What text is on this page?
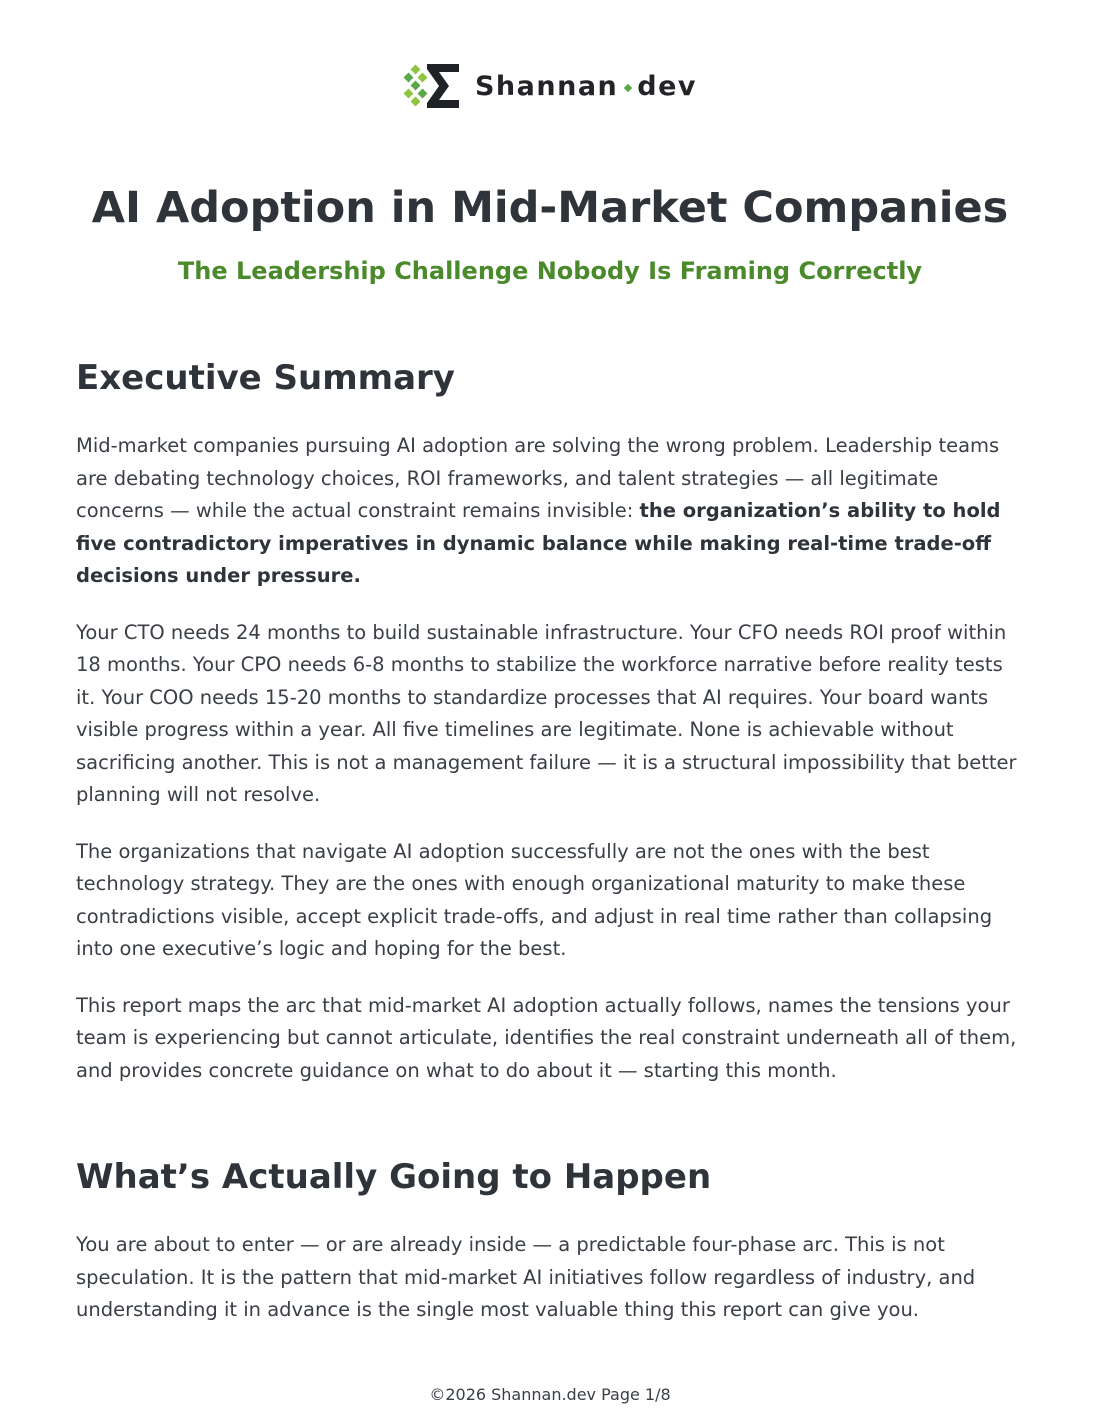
Shannan dev
AI Adoption in Mid-Market Companies
The Leadership Challenge Nobody Is Framing Correctly
Executive Summary

Mid-market companies pursuing AI adoption are solving the wrong problem. Leadership teams are debating technology choices, ROI frameworks, and talent strategies — all legitimate concerns — while the actual constraint remains invisible: the organization’s ability to hold five contradictory imperatives in dynamic balance while making real-time trade-off decisions under pressure.

Your CTO needs 24 months to build sustainable infrastructure. Your CFO needs ROI proof within 18 months. Your CPO needs 6-8 months to stabilize the workforce narrative before reality tests it. Your COO needs 15-20 months to standardize processes that AI requires. Your board wants visible progress within a year. All five timelines are legitimate. None is achievable without sacrificing another. This is not a management failure — it is a structural impossibility that better planning will not resolve.

The organizations that navigate AI adoption successfully are not the ones with the best technology strategy. They are the ones with enough organizational maturity to make these contradictions visible, accept explicit trade-offs, and adjust in real time rather than collapsing into one executive’s logic and hoping for the best.

This report maps the arc that mid-market AI adoption actually follows, names the tensions your team is experiencing but cannot articulate, identifies the real constraint underneath all of them, and provides concrete guidance on what to do about it — starting this month.

What’s Actually Going to Happen

You are about to enter — or are already inside — a predictable four-phase arc. This is not speculation. It is the pattern that mid-market AI initiatives follow regardless of industry, and understanding it in advance is the single most valuable thing this report can give you.

©2026 Shannan.dev Page 1/8
